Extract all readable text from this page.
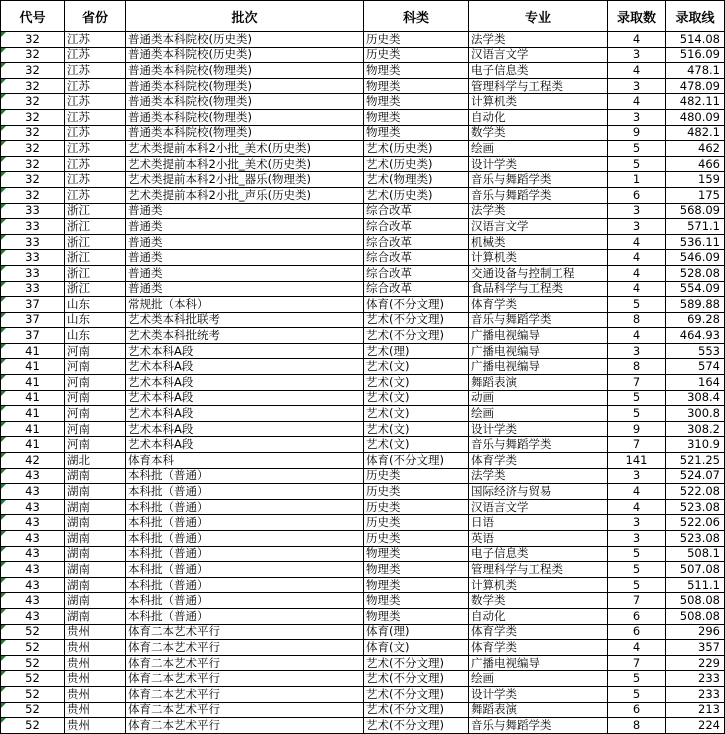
代号	省份	批次	科类	专业	录取数	录取线
32	江苏	普通类本科院校(历史类)	历史类	法学类	4	514.08
32	江苏	普通类本科院校(历史类)	历史类	汉语言文学	3	516.09
32	江苏	普通类本科院校(物理类)	物理类	电子信息类	4	478.1
32	江苏	普通类本科院校(物理类)	物理类	管理科学与工程类	3	478.09
32	江苏	普通类本科院校(物理类)	物理类	计算机类	4	482.11
32	江苏	普通类本科院校(物理类)	物理类	自动化	3	480.09
32	江苏	普通类本科院校(物理类)	物理类	数学类	9	482.1
32	江苏	艺术类提前本科2小批_美术(历史类)	艺术(历史类)	绘画	5	462
32	江苏	艺术类提前本科2小批_美术(历史类)	艺术(历史类)	设计学类	5	466
32	江苏	艺术类提前本科2小批_器乐(物理类)	艺术(物理类)	音乐与舞蹈学类	1	159
32	江苏	艺术类提前本科2小批_声乐(历史类)	艺术(历史类)	音乐与舞蹈学类	6	175
33	浙江	普通类	综合改革	法学类	3	568.09
33	浙江	普通类	综合改革	汉语言文学	3	571.1
33	浙江	普通类	综合改革	机械类	4	536.11
33	浙江	普通类	综合改革	计算机类	4	546.09
33	浙江	普通类	综合改革	交通设备与控制工程	4	528.08
33	浙江	普通类	综合改革	食品科学与工程类	4	554.09
37	山东	常规批（本科）	体育(不分文理)	体育学类	5	589.88
37	山东	艺术类本科批联考	艺术(不分文理)	音乐与舞蹈学类	8	69.28
37	山东	艺术类本科批统考	艺术(不分文理)	广播电视编导	4	464.93
41	河南	艺术本科A段	艺术(理)	广播电视编导	3	553
41	河南	艺术本科A段	艺术(文)	广播电视编导	8	574
41	河南	艺术本科A段	艺术(文)	舞蹈表演	7	164
41	河南	艺术本科A段	艺术(文)	动画	5	308.4
41	河南	艺术本科A段	艺术(文)	绘画	5	300.8
41	河南	艺术本科A段	艺术(文)	设计学类	9	308.2
41	河南	艺术本科A段	艺术(文)	音乐与舞蹈学类	7	310.9
42	湖北	体育本科	体育(不分文理)	体育学类	141	521.25
43	湖南	本科批（普通）	历史类	法学类	3	524.07
43	湖南	本科批（普通）	历史类	国际经济与贸易	4	522.08
43	湖南	本科批（普通）	历史类	汉语言文学	4	523.08
43	湖南	本科批（普通）	历史类	日语	3	522.06
43	湖南	本科批（普通）	历史类	英语	3	523.08
43	湖南	本科批（普通）	物理类	电子信息类	5	508.1
43	湖南	本科批（普通）	物理类	管理科学与工程类	5	507.08
43	湖南	本科批（普通）	物理类	计算机类	5	511.1
43	湖南	本科批（普通）	物理类	数学类	7	508.08
43	湖南	本科批（普通）	物理类	自动化	6	508.08
52	贵州	体育二本艺术平行	体育(理)	体育学类	6	296
52	贵州	体育二本艺术平行	体育(文)	体育学类	4	357
52	贵州	体育二本艺术平行	艺术(不分文理)	广播电视编导	7	229
52	贵州	体育二本艺术平行	艺术(不分文理)	绘画	5	233
52	贵州	体育二本艺术平行	艺术(不分文理)	设计学类	5	233
52	贵州	体育二本艺术平行	艺术(不分文理)	舞蹈表演	6	213
52	贵州	体育二本艺术平行	艺术(不分文理)	音乐与舞蹈学类	8	224
